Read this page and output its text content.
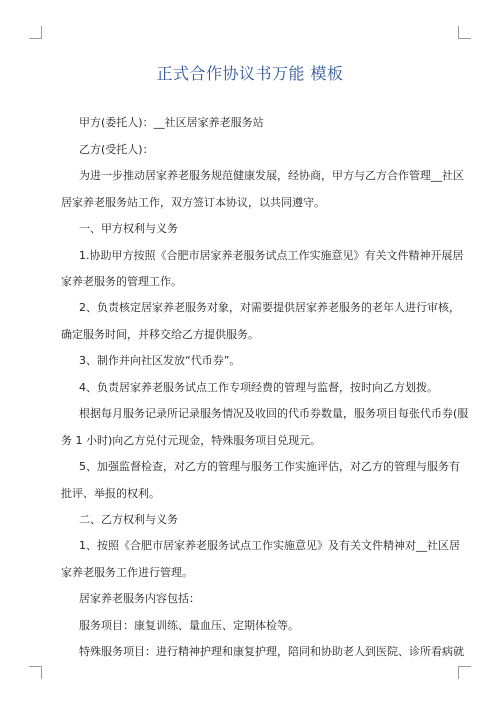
正式合作协议书万能 模板
甲方(委托人)：__社区居家养老服务站
乙方(受托人)：
为进一步推动居家养老服务规范健康发展，经协商，甲方与乙方合作管理__社区
居家养老服务站工作，双方签订本协议，以共同遵守。
一、甲方权利与义务
1.协助甲方按照《合肥市居家养老服务试点工作实施意见》有关文件精神开展居
家养老服务的管理工作。
2、负责核定居家养老服务对象，对需要提供居家养老服务的老年人进行审核，
确定服务时间，并移交给乙方提供服务。
3、制作并向社区发放“代币券”。
4、负责居家养老服务试点工作专项经费的管理与监督，按时向乙方划拨。
根据每月服务记录所记录服务情况及收回的代币券数量，服务项目每张代币券(服
务 1 小时)向乙方兑付元现金，特殊服务项目兑现元。
5、加强监督检查，对乙方的管理与服务工作实施评估，对乙方的管理与服务有
批评、举报的权利。
二、乙方权利与义务
1、按照《合肥市居家养老服务试点工作实施意见》及有关文件精神对__社区居
家养老服务工作进行管理。
居家养老服务内容包括：
服务项目：康复训练、量血压、定期体检等。
特殊服务项目：进行精神护理和康复护理，陪同和协助老人到医院、诊所看病就
